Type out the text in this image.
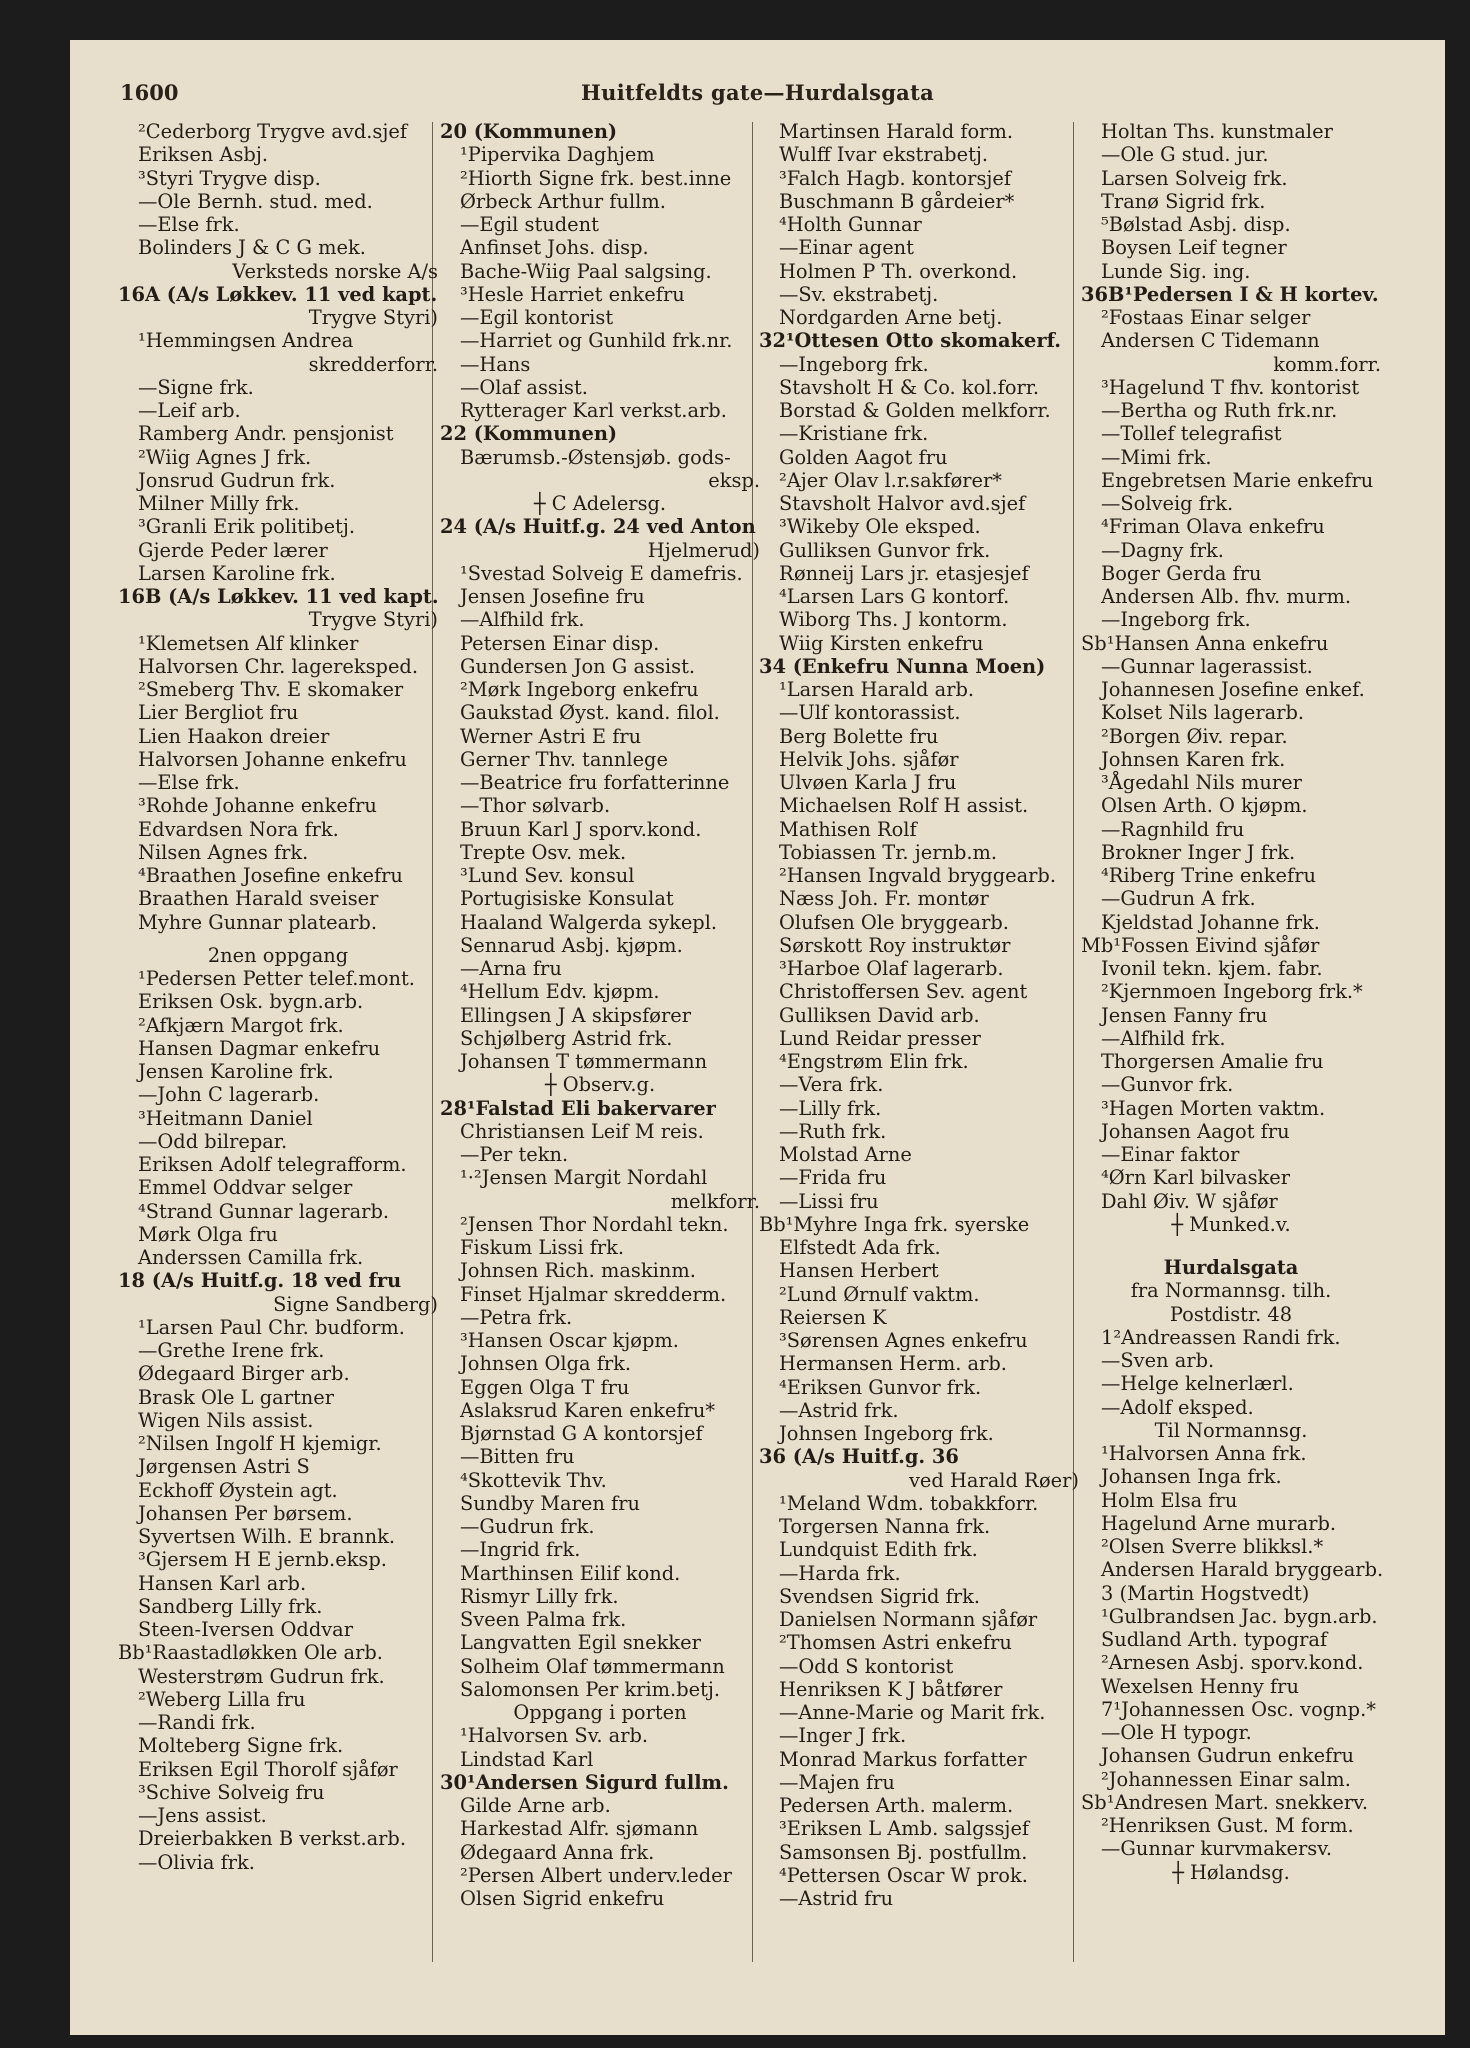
1600	Huitfeldts gate—Hurdalsgata
²Cederborg Trygve avd.sjef
Eriksen Asbj.
³Styri Trygve disp.
—Ole Bernh. stud. med.
—Else frk.
Bolinders J & C G mek.
Verksteds norske A/s
16A (A/s Løkkev. 11 ved kapt.
Trygve Styri)
¹Hemmingsen Andrea
skredderforr.
—Signe frk.
—Leif arb.
Ramberg Andr. pensjonist
²Wiig Agnes J frk.
Jonsrud Gudrun frk.
Milner Milly frk.
³Granli Erik politibetj.
Gjerde Peder lærer
Larsen Karoline frk.
16B (A/s Løkkev. 11 ved kapt.
Trygve Styri)
¹Klemetsen Alf klinker
Halvorsen Chr. lagereksped.
²Smeberg Thv. E skomaker
Lier Bergliot fru
Lien Haakon dreier
Halvorsen Johanne enkefru
—Else frk.
³Rohde Johanne enkefru
Edvardsen Nora frk.
Nilsen Agnes frk.
⁴Braathen Josefine enkefru
Braathen Harald sveiser
Myhre Gunnar platearb.
2nen oppgang
¹Pedersen Petter telef.mont.
Eriksen Osk. bygn.arb.
²Afkjærn Margot frk.
Hansen Dagmar enkefru
Jensen Karoline frk.
—John C lagerarb.
³Heitmann Daniel
—Odd bilrepar.
Eriksen Adolf telegrafform.
Emmel Oddvar selger
⁴Strand Gunnar lagerarb.
Mørk Olga fru
Anderssen Camilla frk.
18 (A/s Huitf.g. 18 ved fru
Signe Sandberg)
¹Larsen Paul Chr. budform.
—Grethe Irene frk.
Ødegaard Birger arb.
Brask Ole L gartner
Wigen Nils assist.
²Nilsen Ingolf H kjemigr.
Jørgensen Astri S
Eckhoff Øystein agt.
Johansen Per børsem.
Syvertsen Wilh. E brannk.
³Gjersem H E jernb.eksp.
Hansen Karl arb.
Sandberg Lilly frk.
Steen-Iversen Oddvar
Bb¹Raastadløkken Ole arb.
Westerstrøm Gudrun frk.
²Weberg Lilla fru
—Randi frk.
Molteberg Signe frk.
Eriksen Egil Thorolf sjåfør
³Schive Solveig fru
—Jens assist.
Dreierbakken B verkst.arb.
—Olivia frk.
20 (Kommunen)
¹Pipervika Daghjem
²Hiorth Signe frk. best.inne
Ørbeck Arthur fullm.
—Egil student
Anfinset Johs. disp.
Bache-Wiig Paal salgsing.
³Hesle Harriet enkefru
—Egil kontorist
—Harriet og Gunhild frk.nr.
—Hans
—Olaf assist.
Rytterager Karl verkst.arb.
22 (Kommunen)
Bærumsb.-Østensjøb. gods-
eksp.
┼ C Adelersg.
24 (A/s Huitf.g. 24 ved Anton
Hjelmerud)
¹Svestad Solveig E damefris.
Jensen Josefine fru
—Alfhild frk.
Petersen Einar disp.
Gundersen Jon G assist.
²Mørk Ingeborg enkefru
Gaukstad Øyst. kand. filol.
Werner Astri E fru
Gerner Thv. tannlege
—Beatrice fru forfatterinne
—Thor sølvarb.
Bruun Karl J sporv.kond.
Trepte Osv. mek.
³Lund Sev. konsul
Portugisiske Konsulat
Haaland Walgerda sykepl.
Sennarud Asbj. kjøpm.
—Arna fru
⁴Hellum Edv. kjøpm.
Ellingsen J A skipsfører
Schjølberg Astrid frk.
Johansen T tømmermann
┼ Observ.g.
28¹Falstad Eli bakervarer
Christiansen Leif M reis.
—Per tekn.
¹·²Jensen Margit Nordahl
melkforr.
²Jensen Thor Nordahl tekn.
Fiskum Lissi frk.
Johnsen Rich. maskinm.
Finset Hjalmar skredderm.
—Petra frk.
³Hansen Oscar kjøpm.
Johnsen Olga frk.
Eggen Olga T fru
Aslaksrud Karen enkefru*
Bjørnstad G A kontorsjef
—Bitten fru
⁴Skottevik Thv.
Sundby Maren fru
—Gudrun frk.
—Ingrid frk.
Marthinsen Eilif kond.
Rismyr Lilly frk.
Sveen Palma frk.
Langvatten Egil snekker
Solheim Olaf tømmermann
Salomonsen Per krim.betj.
Oppgang i porten
¹Halvorsen Sv. arb.
Lindstad Karl
30¹Andersen Sigurd fullm.
Gilde Arne arb.
Harkestad Alfr. sjømann
Ødegaard Anna frk.
²Persen Albert underv.leder
Olsen Sigrid enkefru
Martinsen Harald form.
Wulff Ivar ekstrabetj.
³Falch Hagb. kontorsjef
Buschmann B gårdeier*
⁴Holth Gunnar
—Einar agent
Holmen P Th. overkond.
—Sv. ekstrabetj.
Nordgarden Arne betj.
32¹Ottesen Otto skomakerf.
—Ingeborg frk.
Stavsholt H & Co. kol.forr.
Borstad & Golden melkforr.
—Kristiane frk.
Golden Aagot fru
²Ajer Olav l.r.sakfører*
Stavsholt Halvor avd.sjef
³Wikeby Ole eksped.
Gulliksen Gunvor frk.
Rønneij Lars jr. etasjesjef
⁴Larsen Lars G kontorf.
Wiborg Ths. J kontorm.
Wiig Kirsten enkefru
34 (Enkefru Nunna Moen)
¹Larsen Harald arb.
—Ulf kontorassist.
Berg Bolette fru
Helvik Johs. sjåfør
Ulvøen Karla J fru
Michaelsen Rolf H assist.
Mathisen Rolf
Tobiassen Tr. jernb.m.
²Hansen Ingvald bryggearb.
Næss Joh. Fr. montør
Olufsen Ole bryggearb.
Sørskott Roy instruktør
³Harboe Olaf lagerarb.
Christoffersen Sev. agent
Gulliksen David arb.
Lund Reidar presser
⁴Engstrøm Elin frk.
—Vera frk.
—Lilly frk.
—Ruth frk.
Molstad Arne
—Frida fru
—Lissi fru
Bb¹Myhre Inga frk. syerske
Elfstedt Ada frk.
Hansen Herbert
²Lund Ørnulf vaktm.
Reiersen K
³Sørensen Agnes enkefru
Hermansen Herm. arb.
⁴Eriksen Gunvor frk.
—Astrid frk.
Johnsen Ingeborg frk.
36 (A/s Huitf.g. 36
ved Harald Røer)
¹Meland Wdm. tobakkforr.
Torgersen Nanna frk.
Lundquist Edith frk.
—Harda frk.
Svendsen Sigrid frk.
Danielsen Normann sjåfør
²Thomsen Astri enkefru
—Odd S kontorist
Henriksen K J båtfører
—Anne-Marie og Marit frk.
—Inger J frk.
Monrad Markus forfatter
—Majen fru
Pedersen Arth. malerm.
³Eriksen L Amb. salgssjef
Samsonsen Bj. postfullm.
⁴Pettersen Oscar W prok.
—Astrid fru
Holtan Ths. kunstmaler
—Ole G stud. jur.
Larsen Solveig frk.
Tranø Sigrid frk.
⁵Bølstad Asbj. disp.
Boysen Leif tegner
Lunde Sig. ing.
36B¹Pedersen I & H kortev.
²Fostaas Einar selger
Andersen C Tidemann
komm.forr.
³Hagelund T fhv. kontorist
—Bertha og Ruth frk.nr.
—Tollef telegrafist
—Mimi frk.
Engebretsen Marie enkefru
—Solveig frk.
⁴Friman Olava enkefru
—Dagny frk.
Boger Gerda fru
Andersen Alb. fhv. murm.
—Ingeborg frk.
Sb¹Hansen Anna enkefru
—Gunnar lagerassist.
Johannesen Josefine enkef.
Kolset Nils lagerarb.
²Borgen Øiv. repar.
Johnsen Karen frk.
³Ågedahl Nils murer
Olsen Arth. O kjøpm.
—Ragnhild fru
Brokner Inger J frk.
⁴Riberg Trine enkefru
—Gudrun A frk.
Kjeldstad Johanne frk.
Mb¹Fossen Eivind sjåfør
Ivonil tekn. kjem. fabr.
²Kjernmoen Ingeborg frk.*
Jensen Fanny fru
—Alfhild frk.
Thorgersen Amalie fru
—Gunvor frk.
³Hagen Morten vaktm.
Johansen Aagot fru
—Einar faktor
⁴Ørn Karl bilvasker
Dahl Øiv. W sjåfør
┼ Munked.v.
Hurdalsgata
fra Normannsg. tilh.
Postdistr. 48
1²Andreassen Randi frk.
—Sven arb.
—Helge kelnerlærl.
—Adolf eksped.
Til Normannsg.
¹Halvorsen Anna frk.
Johansen Inga frk.
Holm Elsa fru
Hagelund Arne murarb.
²Olsen Sverre blikksl.*
Andersen Harald bryggearb.
3 (Martin Hogstvedt)
¹Gulbrandsen Jac. bygn.arb.
Sudland Arth. typograf
²Arnesen Asbj. sporv.kond.
Wexelsen Henny fru
7¹Johannessen Osc. vognp.*
—Ole H typogr.
Johansen Gudrun enkefru
²Johannessen Einar salm.
Sb¹Andresen Mart. snekkerv.
²Henriksen Gust. M form.
—Gunnar kurvmakersv.
┼ Hølandsg.
